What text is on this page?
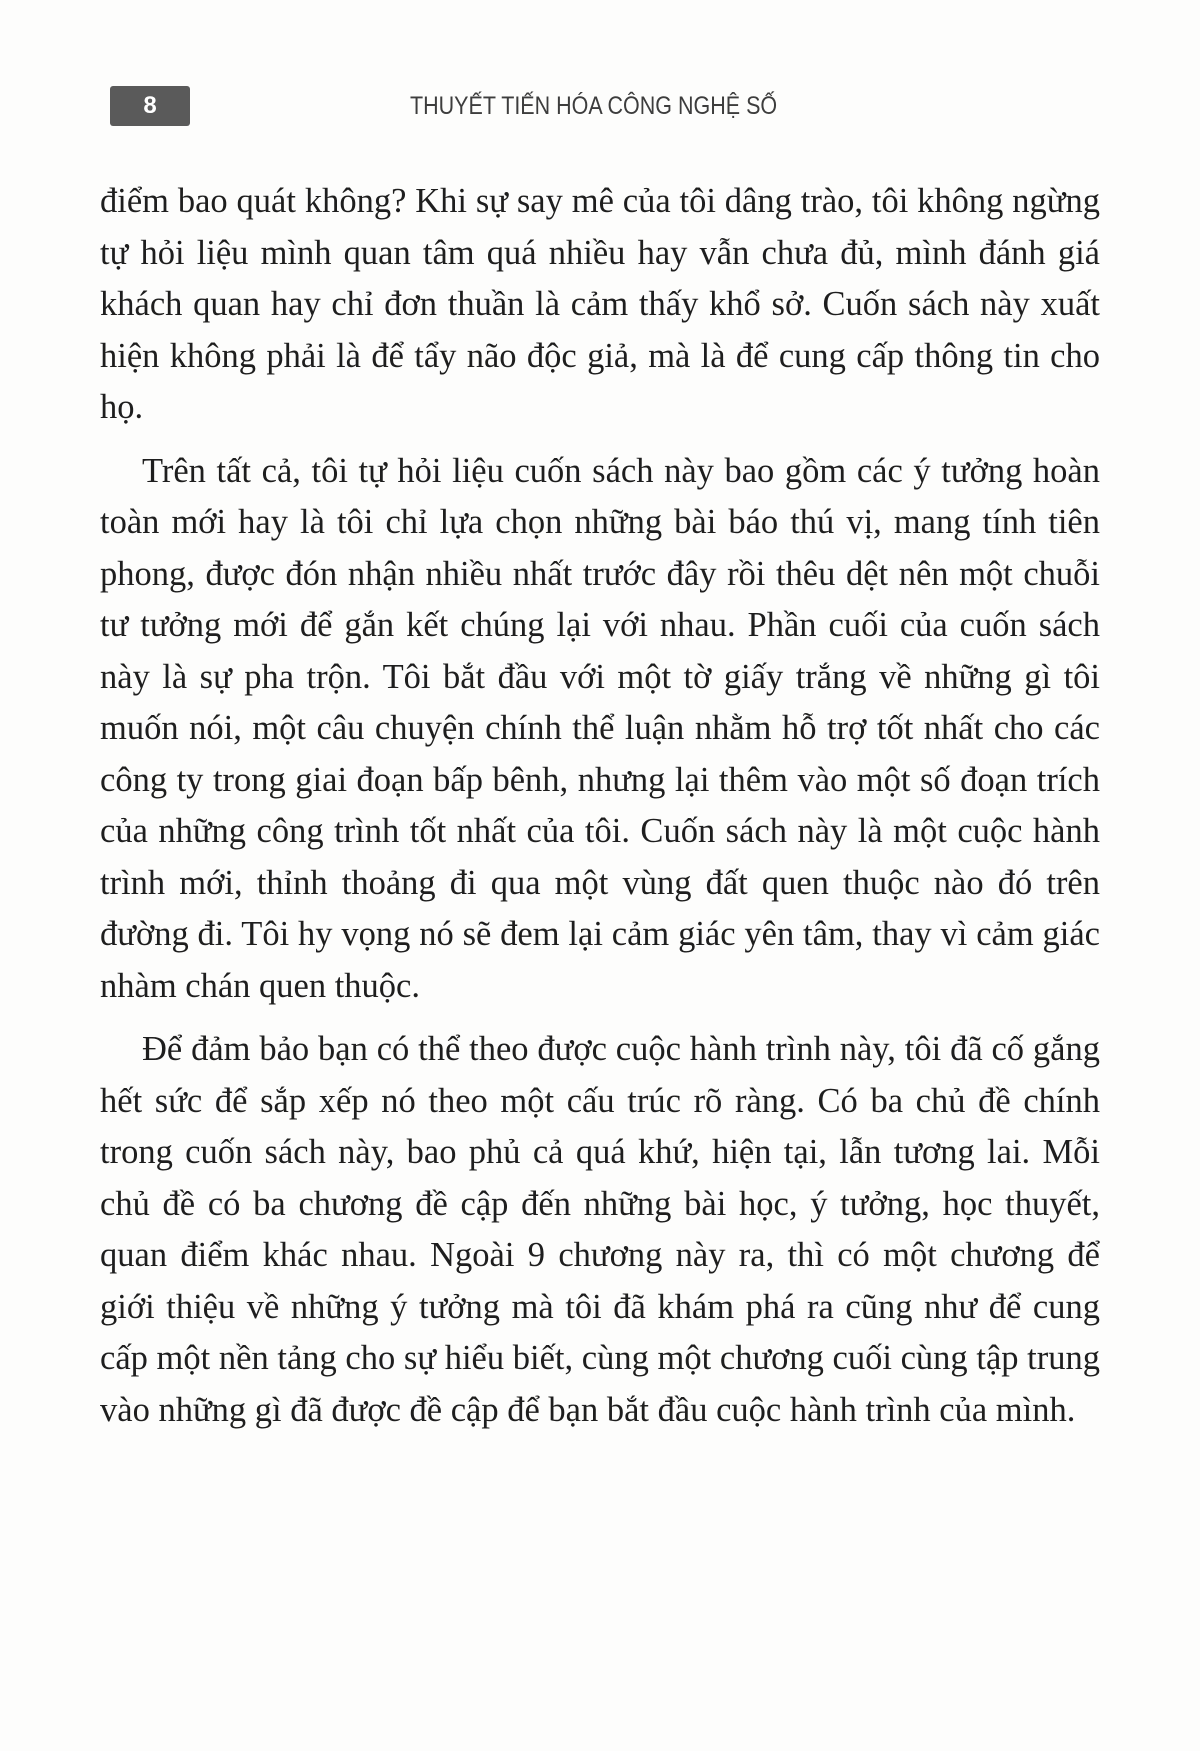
8	THUYẾT TIẾN HÓA CÔNG NGHỆ SỐ

điểm bao quát không? Khi sự say mê của tôi dâng trào, tôi không ngừng tự hỏi liệu mình quan tâm quá nhiều hay vẫn chưa đủ, mình đánh giá khách quan hay chỉ đơn thuần là cảm thấy khổ sở. Cuốn sách này xuất hiện không phải là để tẩy não độc giả, mà là để cung cấp thông tin cho họ.

Trên tất cả, tôi tự hỏi liệu cuốn sách này bao gồm các ý tưởng hoàn toàn mới hay là tôi chỉ lựa chọn những bài báo thú vị, mang tính tiên phong, được đón nhận nhiều nhất trước đây rồi thêu dệt nên một chuỗi tư tưởng mới để gắn kết chúng lại với nhau. Phần cuối của cuốn sách này là sự pha trộn. Tôi bắt đầu với một tờ giấy trắng về những gì tôi muốn nói, một câu chuyện chính thể luận nhằm hỗ trợ tốt nhất cho các công ty trong giai đoạn bấp bênh, nhưng lại thêm vào một số đoạn trích của những công trình tốt nhất của tôi. Cuốn sách này là một cuộc hành trình mới, thỉnh thoảng đi qua một vùng đất quen thuộc nào đó trên đường đi. Tôi hy vọng nó sẽ đem lại cảm giác yên tâm, thay vì cảm giác nhàm chán quen thuộc.

Để đảm bảo bạn có thể theo được cuộc hành trình này, tôi đã cố gắng hết sức để sắp xếp nó theo một cấu trúc rõ ràng. Có ba chủ đề chính trong cuốn sách này, bao phủ cả quá khứ, hiện tại, lẫn tương lai. Mỗi chủ đề có ba chương đề cập đến những bài học, ý tưởng, học thuyết, quan điểm khác nhau. Ngoài 9 chương này ra, thì có một chương để giới thiệu về những ý tưởng mà tôi đã khám phá ra cũng như để cung cấp một nền tảng cho sự hiểu biết, cùng một chương cuối cùng tập trung vào những gì đã được đề cập để bạn bắt đầu cuộc hành trình của mình.
